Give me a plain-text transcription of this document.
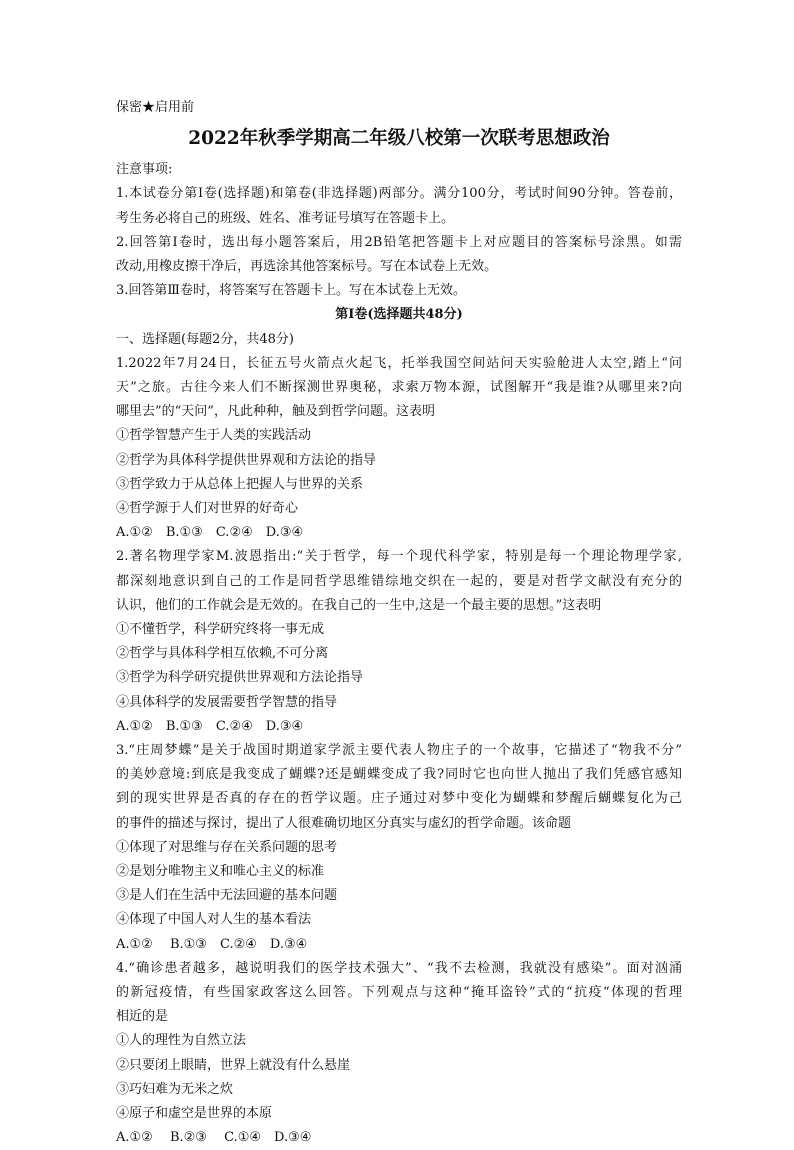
保密★启用前
2022年秋季学期高二年级八校第一次联考思想政治
注意事项:
1.本试卷分第Ⅰ卷(选择题)和第卷(非选择题)两部分。满分100分，考试时间90分钟。答卷前，
考生务必将自己的班级、姓名、准考证号填写在答题卡上。
2.回答第Ⅰ卷时，选出每小题答案后，用2B铅笔把答题卡上对应题目的答案标号涂黑。如需
改动,用橡皮擦干净后，再选涂其他答案标号。写在本试卷上无效。
3.回答第Ⅲ卷时，将答案写在答题卡上。写在本试卷上无效。
第Ⅰ卷(选择题共48分)
一、选择题(每题2分，共48分)
1.2022年7月24日，长征五号火箭点火起飞，托举我国空间站问天实验舱进人太空,踏上“问
天”之旅。古往今来人们不断探测世界奥秘，求索万物本源，试图解开“我是谁?从哪里来?向
哪里去”的“天问”，凡此种种，触及到哲学问题。这表明
①哲学智慧产生于人类的实践活动
②哲学为具体科学提供世界观和方法论的指导
③哲学致力于从总体上把握人与世界的关系
④哲学源于人们对世界的好奇心
A.①②　B.①③　C.②④　D.③④
2.著名物理学家M.波恩指出:“关于哲学，每一个现代科学家，特别是每一个理论物理学家,
都深刻地意识到自己的工作是同哲学思维错综地交织在一起的，要是对哲学文献没有充分的
认识，他们的工作就会是无效的。在我自己的一生中,这是一个最主要的思想。”这表明
①不懂哲学，科学研究终将一事无成
②哲学与具体科学相互依赖,不可分离
③哲学为科学研究提供世界观和方法论指导
④具体科学的发展需要哲学智慧的指导
A.①②　B.①③　C.②④　D.③④
3.“庄周梦蝶”是关于战国时期道家学派主要代表人物庄子的一个故事，它描述了“物我不分”
的美妙意境:到底是我变成了蝴蝶?还是蝴蝶变成了我?同时它也向世人抛出了我们凭感官感知
到的现实世界是否真的存在的哲学议题。庄子通过对梦中变化为蝴蝶和梦醒后蝴蝶复化为己
的事件的描述与探讨，提出了人很难确切地区分真实与虚幻的哲学命题。该命题
①体现了对思维与存在关系问题的思考
②是划分唯物主义和唯心主义的标准
③是人们在生活中无法回避的基本问题
④体现了中国人对人生的基本看法
A.①②　 B.①③　C.②④　D.③④
4.“确诊患者越多，越说明我们的医学技术强大”、“我不去检测，我就没有感染”。面对汹涌
的新冠疫情，有些国家政客这么回答。下列观点与这种“掩耳盗铃”式的“抗疫“体现的哲理
相近的是
①人的理性为自然立法
②只要闭上眼睛，世界上就没有什么悬崖
③巧妇难为无米之炊
④原子和虚空是世界的本原
A.①②　 B.②③　 C.①④　D.③④
